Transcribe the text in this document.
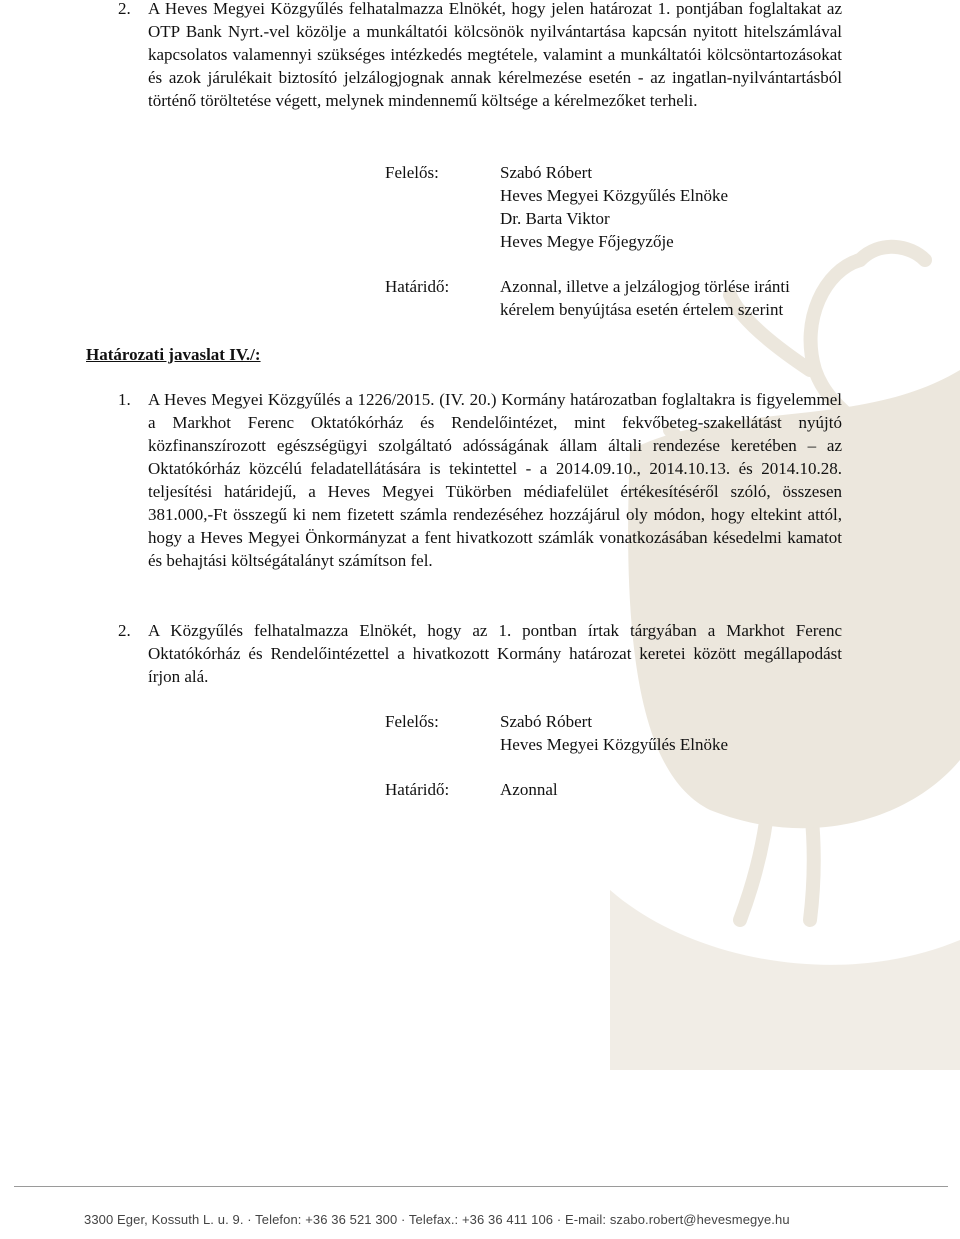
2. A Heves Megyei Közgyűlés felhatalmazza Elnökét, hogy jelen határozat 1. pontjában foglaltakat az OTP Bank Nyrt.-vel közölje a munkáltatói kölcsönök nyilvántartása kapcsán nyitott hitelszámlával kapcsolatos valamennyi szükséges intézkedés megtétele, valamint a munkáltatói kölcsöntartozásokat és azok járulékait biztosító jelzálogjognak annak kérelmezése esetén - az ingatlan-nyilvántartásból történő töröltetése végett, melynek mindennemű költsége a kérelmezőket terheli.
Felelős:	Szabó Róbert
Heves Megyei Közgyűlés Elnöke
Dr. Barta Viktor
Heves Megye Főjegyzője
Határidő:	Azonnal, illetve a jelzálogjog törlése iránti
kérelem benyújtása esetén értelem szerint
Határozati javaslat IV./:
1. A Heves Megyei Közgyűlés a 1226/2015. (IV. 20.) Kormány határozatban foglaltakra is figyelemmel a Markhot Ferenc Oktatókórház és Rendelőintézet, mint fekvőbeteg-szakellátást nyújtó közfinanszírozott egészségügyi szolgáltató adósságának állam általi rendezése keretében – az Oktatókórház közcélú feladatellátására is tekintettel - a 2014.09.10., 2014.10.13. és 2014.10.28. teljesítési határidejű, a Heves Megyei Tükörben médiafelület értékesítéséről szóló, összesen 381.000,-Ft összegű ki nem fizetett számla rendezéséhez hozzájárul oly módon, hogy eltekint attól, hogy a Heves Megyei Önkormányzat a fent hivatkozott számlák vonatkozásában késedelmi kamatot és behajtási költségátalányt számítson fel.
2. A Közgyűlés felhatalmazza Elnökét, hogy az 1. pontban írtak tárgyában a Markhot Ferenc Oktatókórház és Rendelőintézettel a hivatkozott Kormány határozat keretei között megállapodást írjon alá.
Felelős:	Szabó Róbert
Heves Megyei Közgyűlés Elnöke
Határidő:	Azonnal
3300 Eger, Kossuth L. u. 9. · Telefon: +36 36 521 300 · Telefax.: +36 36 411 106 · E-mail: szabo.robert@hevesmegye.hu
